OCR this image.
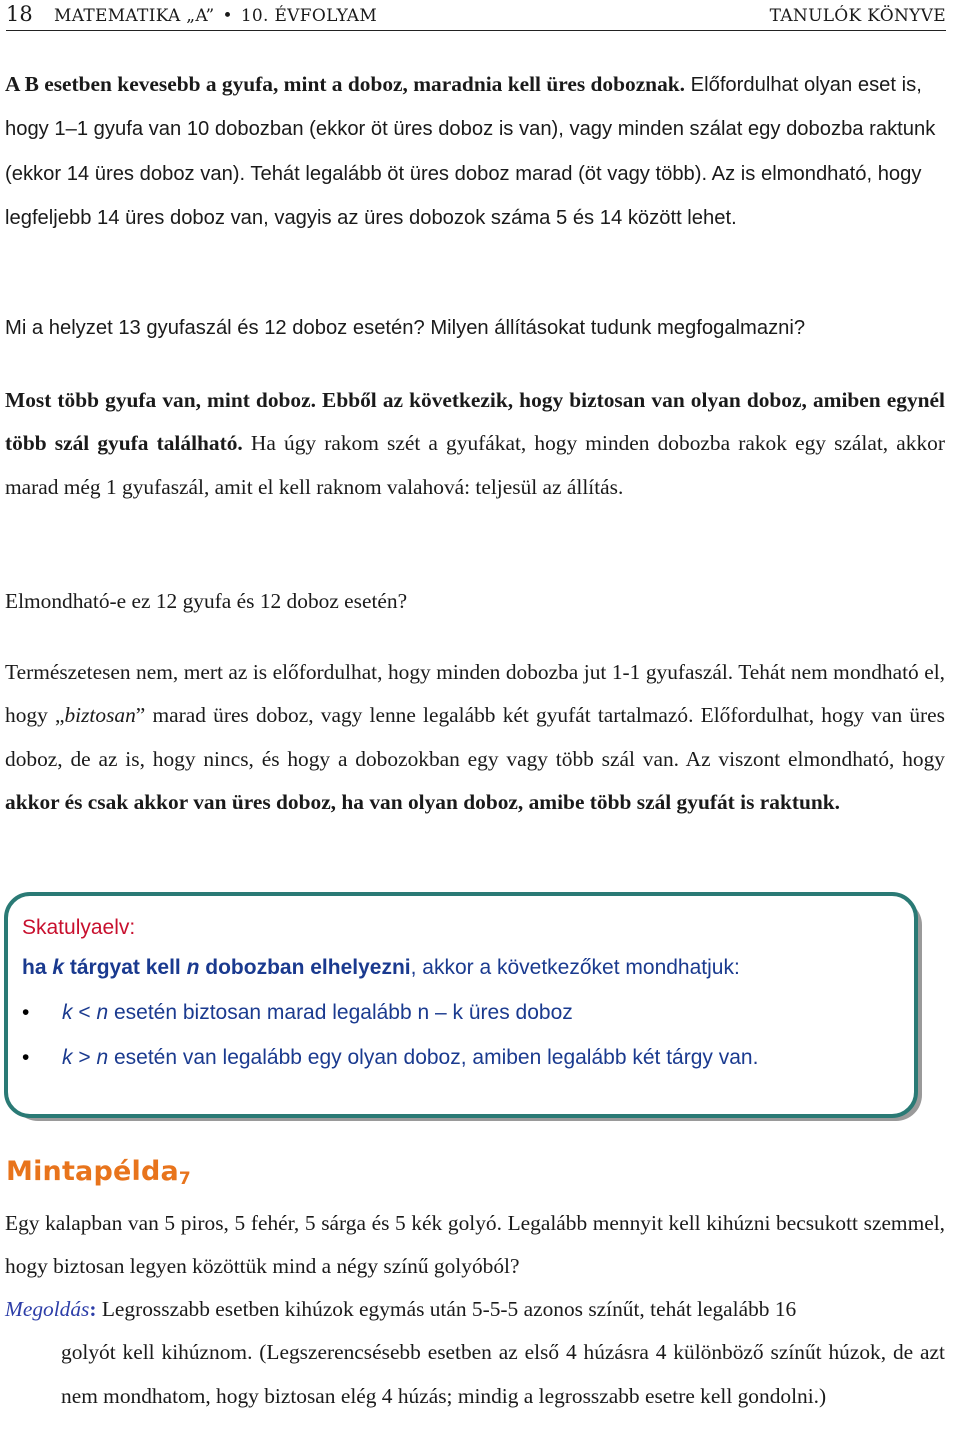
18 MATEMATIKA „A” • 10. ÉVFOLYAM	TANULÓK KÖNYVE

A B esetben kevesebb a gyufa, mint a doboz, maradnia kell üres doboznak. Előfordulhat olyan eset is, hogy 1–1 gyufa van 10 dobozban (ekkor öt üres doboz is van), vagy minden szálat egy dobozba raktunk (ekkor 14 üres doboz van). Tehát legalább öt üres doboz marad (öt vagy több). Az is elmondható, hogy legfeljebb 14 üres doboz van, vagyis az üres dobozok száma 5 és 14 között lehet.

Mi a helyzet 13 gyufaszál és 12 doboz esetén? Milyen állításokat tudunk megfogalmazni?

Most több gyufa van, mint doboz. Ebből az következik, hogy biztosan van olyan doboz, amiben egynél több szál gyufa található. Ha úgy rakom szét a gyufákat, hogy minden dobozba rakok egy szálat, akkor marad még 1 gyufaszál, amit el kell raknom valahová: teljesül az állítás.

Elmondható-e ez 12 gyufa és 12 doboz esetén?

Természetesen nem, mert az is előfordulhat, hogy minden dobozba jut 1-1 gyufaszál. Tehát nem mondható el, hogy „biztosan” marad üres doboz, vagy lenne legalább két gyufát tartalmazó. Előfordulhat, hogy van üres doboz, de az is, hogy nincs, és hogy a dobozokban egy vagy több szál van. Az viszont elmondható, hogy akkor és csak akkor van üres doboz, ha van olyan doboz, amibe több szál gyufát is raktunk.

Skatulyaelv:
ha k tárgyat kell n dobozban elhelyezni, akkor a következőket mondhatjuk:
• k < n esetén biztosan marad legalább n – k üres doboz
• k > n esetén van legalább egy olyan doboz, amiben legalább két tárgy van.
Mintapélda$_7$

Egy kalapban van 5 piros, 5 fehér, 5 sárga és 5 kék golyó. Legalább mennyit kell kihúzni becsukott szemmel, hogy biztosan legyen közöttük mind a négy színű golyóból?

Megoldás: Legrosszabb esetben kihúzok egymás után 5-5-5 azonos színűt, tehát legalább 16
golyót kell kihúznom. (Legszerencsésebb esetben az első 4 húzásra 4 különböző színűt húzok, de azt nem mondhatom, hogy biztosan elég 4 húzás; mindig a legrosszabb esetre kell gondolni.)
